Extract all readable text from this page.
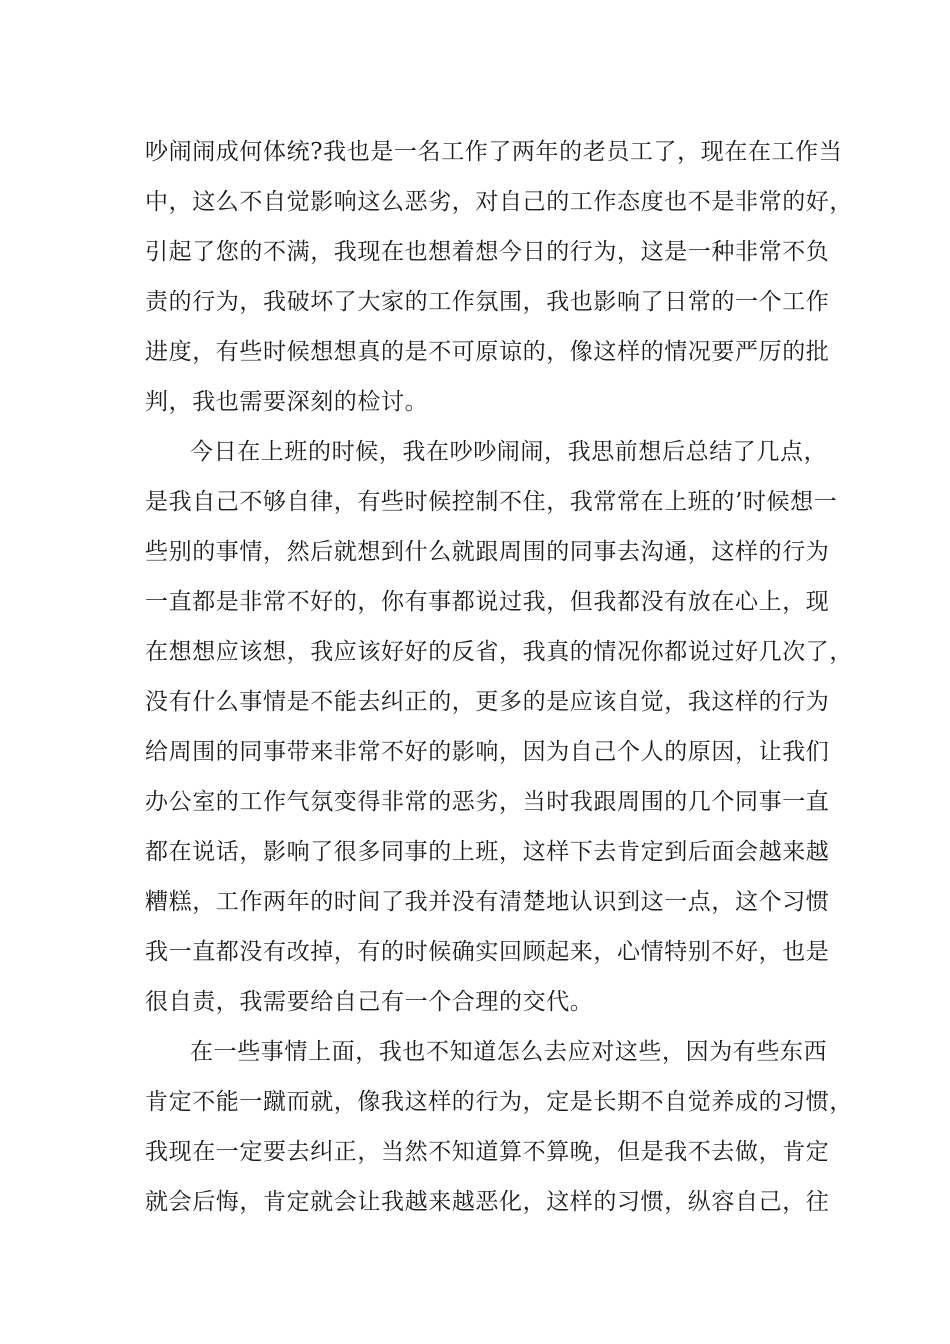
吵闹闹成何体统?我也是一名工作了两年的老员工了，现在在工作当
中，这么不自觉影响这么恶劣，对自己的工作态度也不是非常的好，
引起了您的不满，我现在也想着想今日的行为，这是一种非常不负
责的行为，我破坏了大家的工作氛围，我也影响了日常的一个工作
进度，有些时候想想真的是不可原谅的，像这样的情况要严厉的批
判，我也需要深刻的检讨。
今日在上班的时候，我在吵吵闹闹，我思前想后总结了几点，
是我自己不够自律，有些时候控制不住，我常常在上班的’时候想一
些别的事情，然后就想到什么就跟周围的同事去沟通，这样的行为
一直都是非常不好的，你有事都说过我，但我都没有放在心上，现
在想想应该想，我应该好好的反省，我真的情况你都说过好几次了，
没有什么事情是不能去纠正的，更多的是应该自觉，我这样的行为
给周围的同事带来非常不好的影响，因为自己个人的原因，让我们
办公室的工作气氛变得非常的恶劣，当时我跟周围的几个同事一直
都在说话，影响了很多同事的上班，这样下去肯定到后面会越来越
糟糕，工作两年的时间了我并没有清楚地认识到这一点，这个习惯
我一直都没有改掉，有的时候确实回顾起来，心情特别不好，也是
很自责，我需要给自己有一个合理的交代。
在一些事情上面，我也不知道怎么去应对这些，因为有些东西
肯定不能一蹴而就，像我这样的行为，定是长期不自觉养成的习惯，
我现在一定要去纠正，当然不知道算不算晚，但是我不去做，肯定
就会后悔，肯定就会让我越来越恶化，这样的习惯，纵容自己，往
